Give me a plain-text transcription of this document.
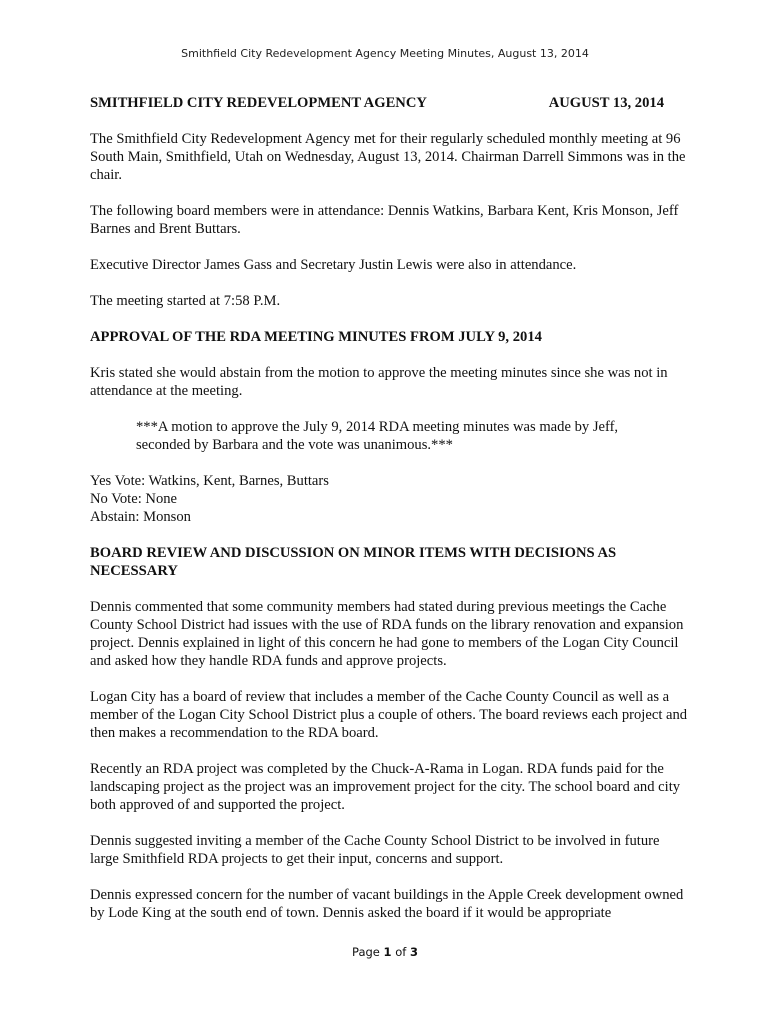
Smithfield City Redevelopment Agency Meeting Minutes, August 13, 2014
SMITHFIELD CITY REDEVELOPMENT AGENCY	AUGUST 13, 2014

The Smithfield City Redevelopment Agency met for their regularly scheduled monthly meeting at 96 South Main, Smithfield, Utah on Wednesday, August 13, 2014. Chairman Darrell Simmons was in the chair.

The following board members were in attendance: Dennis Watkins, Barbara Kent, Kris Monson, Jeff Barnes and Brent Buttars.

Executive Director James Gass and Secretary Justin Lewis were also in attendance.

The meeting started at 7:58 P.M.

APPROVAL OF THE RDA MEETING MINUTES FROM JULY 9, 2014

Kris stated she would abstain from the motion to approve the meeting minutes since she was not in attendance at the meeting.

***A motion to approve the July 9, 2014 RDA meeting minutes was made by Jeff, seconded by Barbara and the vote was unanimous.***
Yes Vote: Watkins, Kent, Barnes, Buttars
No Vote: None
Abstain: Monson
BOARD REVIEW AND DISCUSSION ON MINOR ITEMS WITH DECISIONS AS NECESSARY

Dennis commented that some community members had stated during previous meetings the Cache County School District had issues with the use of RDA funds on the library renovation and expansion project. Dennis explained in light of this concern he had gone to members of the Logan City Council and asked how they handle RDA funds and approve projects.

Logan City has a board of review that includes a member of the Cache County Council as well as a member of the Logan City School District plus a couple of others. The board reviews each project and then makes a recommendation to the RDA board.

Recently an RDA project was completed by the Chuck-A-Rama in Logan. RDA funds paid for the landscaping project as the project was an improvement project for the city. The school board and city both approved of and supported the project.

Dennis suggested inviting a member of the Cache County School District to be involved in future large Smithfield RDA projects to get their input, concerns and support.

Dennis expressed concern for the number of vacant buildings in the Apple Creek development owned by Lode King at the south end of town. Dennis asked the board if it would be appropriate

Page 1 of 3
